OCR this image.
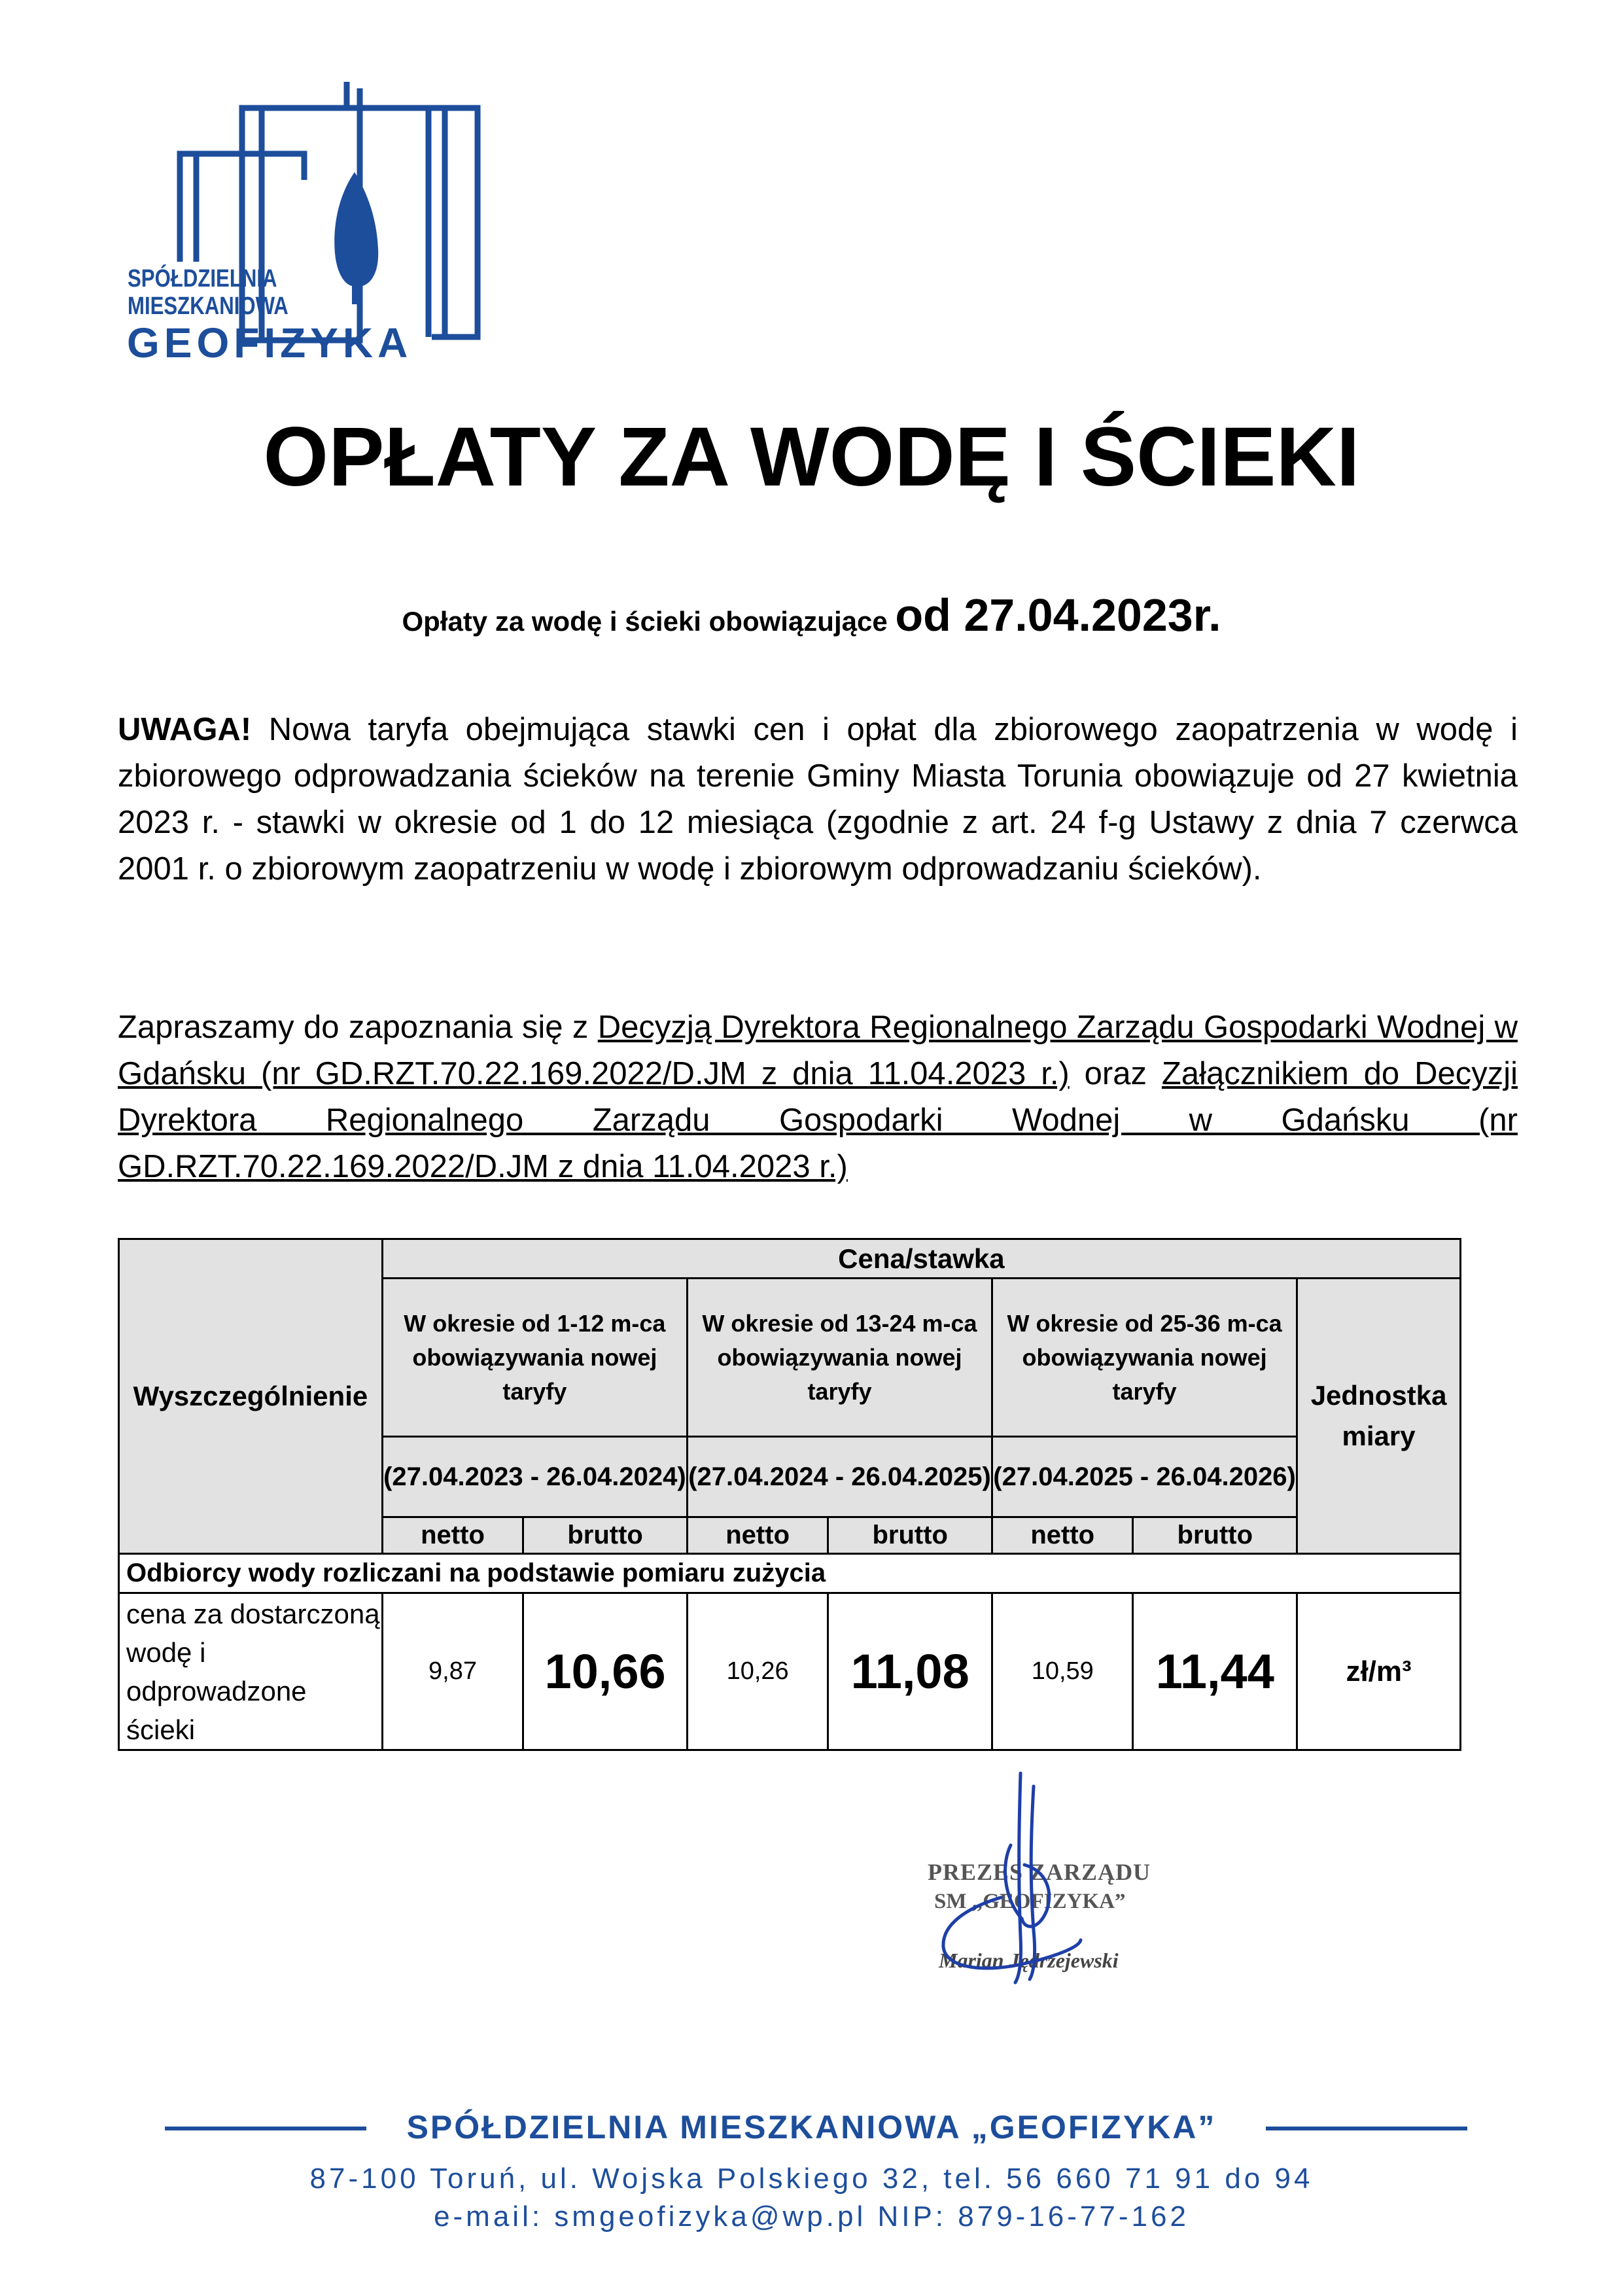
SPÓŁDZIELNIA
MIESZKANIOWA
GEOFIZYKA
OPŁATY ZA WODĘ I ŚCIEKI
Opłaty za wodę i ścieki obowiązujące od 27.04.2023r.
UWAGA! Nowa taryfa obejmująca stawki cen i opłat dla zbiorowego zaopatrzenia w wodę i zbiorowego odprowadzania ścieków na terenie Gminy Miasta Torunia obowiązuje od 27 kwietnia 2023 r. - stawki w okresie od 1 do 12 miesiąca (zgodnie z art. 24 f-g Ustawy z dnia 7 czerwca 2001 r. o zbiorowym zaopatrzeniu w wodę i zbiorowym odprowadzaniu ścieków).
Zapraszamy do zapoznania się z Decyzją Dyrektora Regionalnego Zarządu Gospodarki Wodnej w Gdańsku (nr GD.RZT.70.22.169.2022/D.JM z dnia 11.04.2023 r.) oraz Załącznikiem do Decyzji Dyrektora Regionalnego Zarządu Gospodarki Wodnej w Gdańsku (nr GD.RZT.70.22.169.2022/D.JM z dnia 11.04.2023 r.)
Wyszczególnienie	Cena/stawka						
	W okresie od 1-12 m-ca obowiązywania nowej taryfy		W okresie od 13-24 m-ca obowiązywania nowej taryfy		W okresie od 25-36 m-ca obowiązywania nowej taryfy		Jednostka miary
	(27.04.2023 - 26.04.2024)		(27.04.2024 - 26.04.2025)		(27.04.2025 - 26.04.2026)		
	netto	brutto	netto	brutto	netto	brutto	
Odbiorcy wody rozliczani na podstawie pomiaru zużycia							
cena za dostarczoną wodę i odprowadzone ścieki	9,87	10,66	10,26	11,08	10,59	11,44	zł/m³
PREZES ZARZĄDU
SM „GEOFIZYKA”
Marian Jędrzejewski
SPÓŁDZIELNIA MIESZKANIOWA „GEOFIZYKA”
87-100 Toruń, ul. Wojska Polskiego 32, tel. 56 660 71 91 do 94
e-mail: smgeofizyka@wp.pl NIP: 879-16-77-162
